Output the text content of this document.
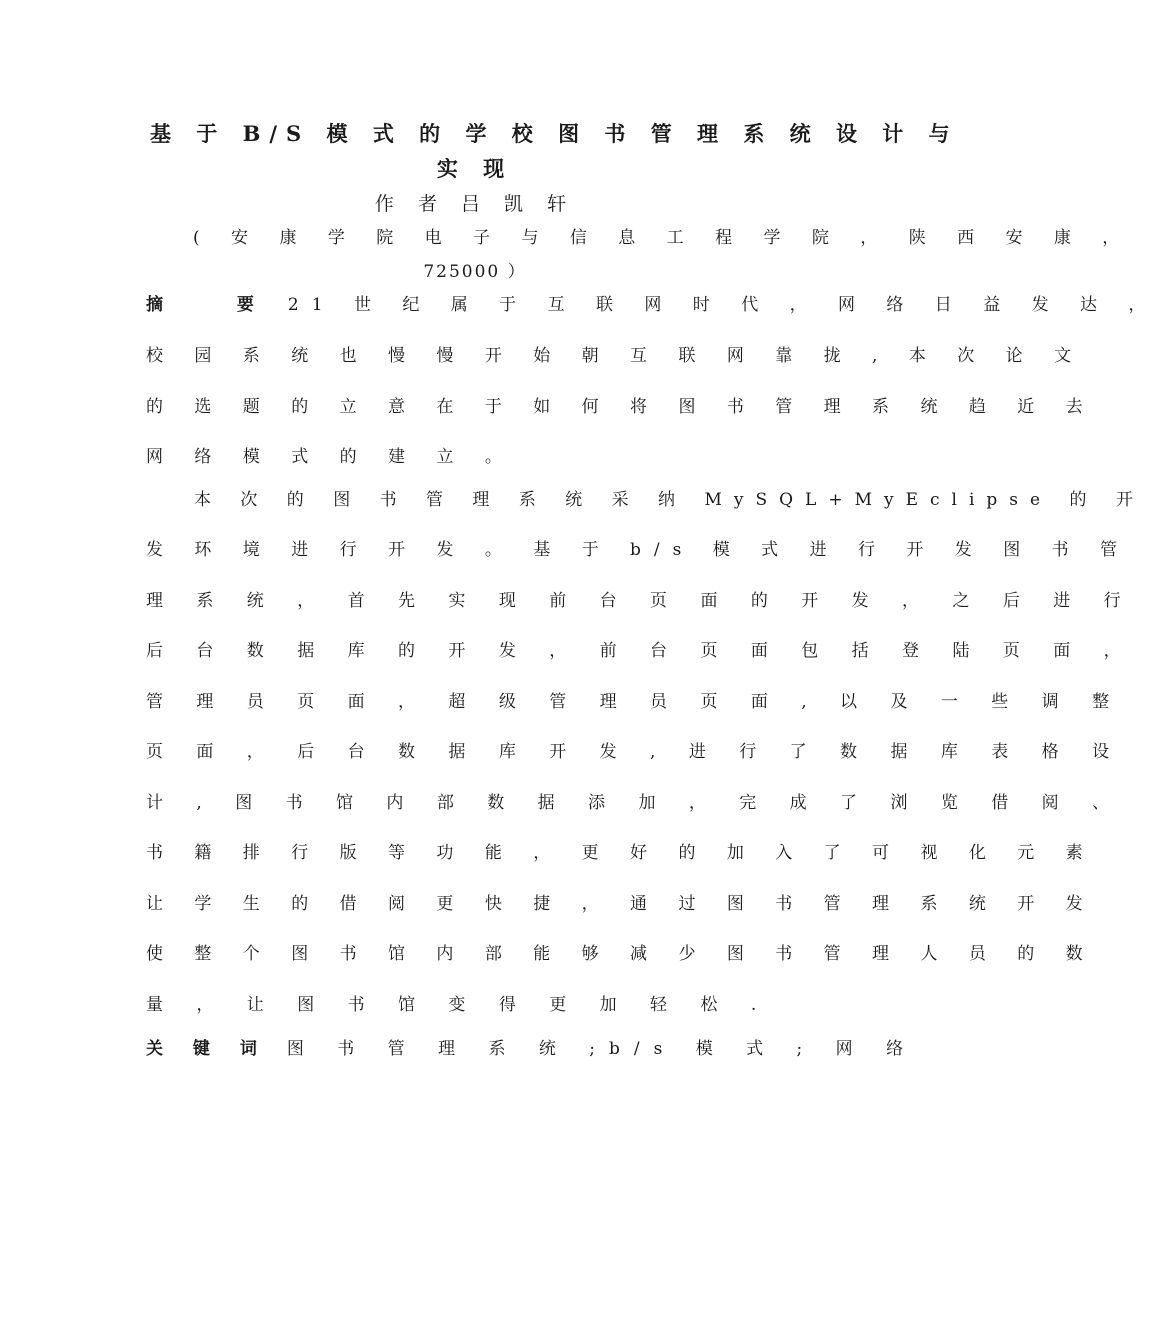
基 于 B/S 模 式 的 学 校 图 书 管 理 系 统 设 计 与
实 现
作 者 吕 凯 轩
( 安 康 学 院 电 子 与 信 息 工 程 学 院 ， 陕 西 安 康 ，
725000 ）
摘 要21 世 纪 属 于 互 联 网 时 代 ， 网 络 日 益 发 达 ，
校 园 系 统 也 慢 慢 开 始 朝 互 联 网 靠 拢 , 本 次 论 文
的 选 题 的 立 意 在 于 如 何 将 图 书 管 理 系 统 趋 近 去
网 络 模 式 的 建 立 。
本 次 的 图 书 管 理 系 统 采 纳 MySQL+MyEclipse 的 开
发 环 境 进 行 开 发 。 基 于 b/s 模 式 进 行 开 发 图 书 管
理 系 统 ， 首 先 实 现 前 台 页 面 的 开 发 ， 之 后 进 行
后 台 数 据 库 的 开 发 ， 前 台 页 面 包 括 登 陆 页 面 ，
管 理 员 页 面 ， 超 级 管 理 员 页 面 , 以 及 一 些 调 整
页 面 ， 后 台 数 据 库 开 发 , 进 行 了 数 据 库 表 格 设
计 , 图 书 馆 内 部 数 据 添 加 ， 完 成 了 浏 览 借 阅 、
书 籍 排 行 版 等 功 能 ， 更 好 的 加 入 了 可 视 化 元 素
让 学 生 的 借 阅 更 快 捷 ， 通 过 图 书 管 理 系 统 开 发
使 整 个 图 书 馆 内 部 能 够 减 少 图 书 管 理 人 员 的 数
量 ， 让 图 书 馆 变 得 更 加 轻 松 .
关 键 词 图 书 管 理 系 统 ;b/s 模 式 ; 网 络
